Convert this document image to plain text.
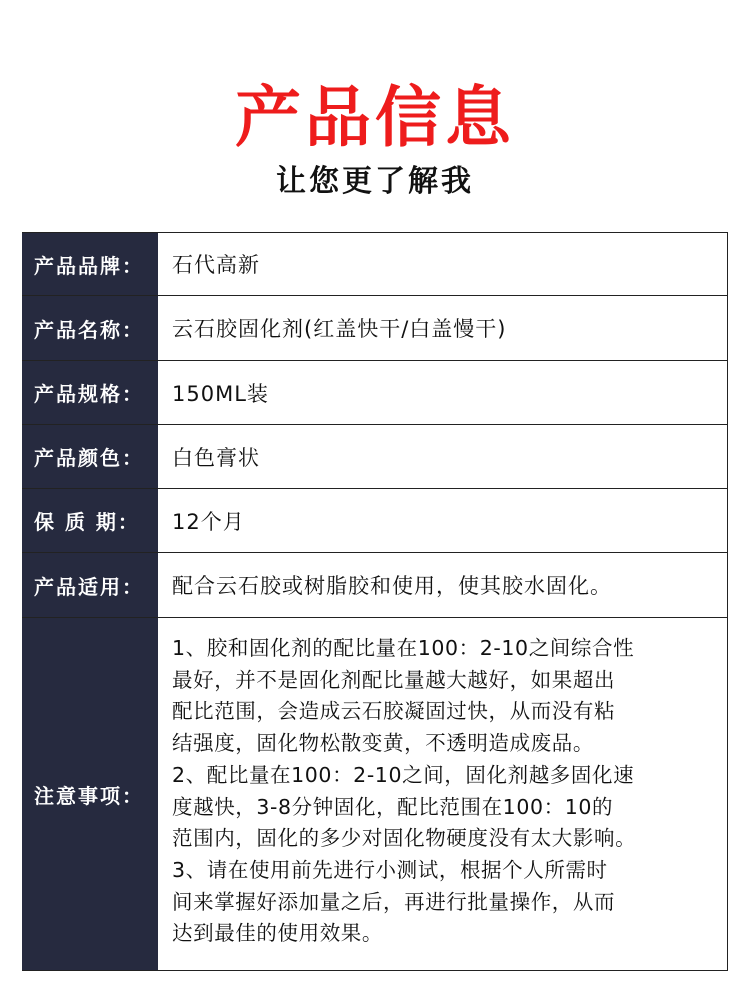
产品信息
让您更了解我
产品品牌：	石代高新
产品名称：	云石胶固化剂(红盖快干/白盖慢干)
产品规格：	150ML装
产品颜色：	白色膏状
保 质 期：	12个月
产品适用：	配合云石胶或树脂胶和使用，使其胶水固化。
注意事项：
1、胶和固化剂的配比量在100：2-10之间综合性
最好，并不是固化剂配比量越大越好，如果超出
配比范围，会造成云石胶凝固过快，从而没有粘
结强度，固化物松散变黄，不透明造成废品。
2、配比量在100：2-10之间，固化剂越多固化速
度越快，3-8分钟固化，配比范围在100：10的
范围内，固化的多少对固化物硬度没有太大影响。
3、请在使用前先进行小测试，根据个人所需时
间来掌握好添加量之后，再进行批量操作，从而
达到最佳的使用效果。
